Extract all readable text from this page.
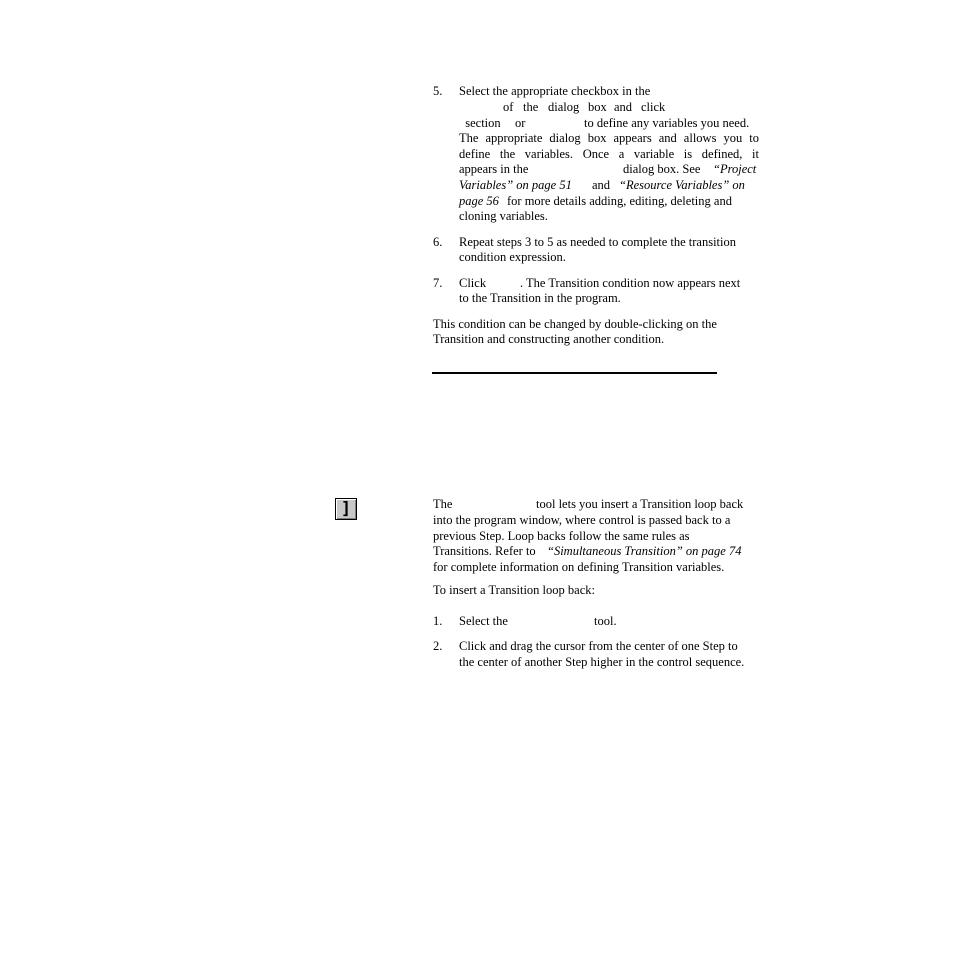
5.	Select the appropriate checkbox in the

section

of the dialog box and click
or	to define any variables you need.
The appropriate dialog box appears and allows you to
define the variables. Once a variable is defined, it
appears in the	dialog box. See “Project
Variables” on page 51 and “Resource Variables” on
page 56 for more details adding, editing, deleting and
cloning variables.
6.	Repeat steps 3 to 5 as needed to complete the transition
condition expression.
7.	Click	. The Transition condition now appears next
to the Transition in the program.
This condition can be changed by double-clicking on the
Transition and constructing another condition.
]	The	tool lets you insert a Transition loop back
into the program window, where control is passed back to a
previous Step. Loop backs follow the same rules as
Transitions. Refer to “Simultaneous Transition” on page 74
for complete information on defining Transition variables.
To insert a Transition loop back:
1.	Select the	tool.
2.	Click and drag the cursor from the center of one Step to
the center of another Step higher in the control sequence.
